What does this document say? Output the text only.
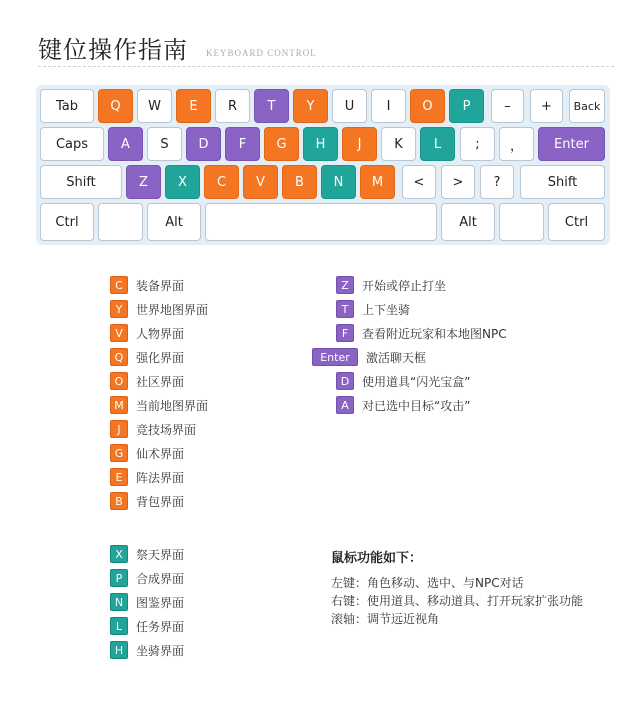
键位操作指南 KEYBOARD CONTROL
Tab	Q	W	E	R	T	Y	U	I	O	P	–	+	Back
Caps	A	S	D	F	G	H	J	K	L	;	，	Enter
Shift	Z	X	C	V	B	N	M	<	>	?	Shift
Ctrl	Alt	Alt	Ctrl
C	装备界面
Y	世界地图界面
V	人物界面
Q	强化界面
O	社区界面
M	当前地图界面
J	竞技场界面
G	仙术界面
E	阵法界面
B	背包界面
Z	开始或停止打坐
T	上下坐骑
F	查看附近玩家和本地图NPC
Enter	激活聊天框
D	使用道具“闪光宝盒”
A	对已选中目标“攻击”
X	祭天界面
P	合成界面
N	图鉴界面
L	任务界面
H	坐骑界面
鼠标功能如下：
左键：角色移动、选中、与NPC对话
右键：使用道具、移动道具、打开玩家扩张功能
滚轴：调节远近视角
